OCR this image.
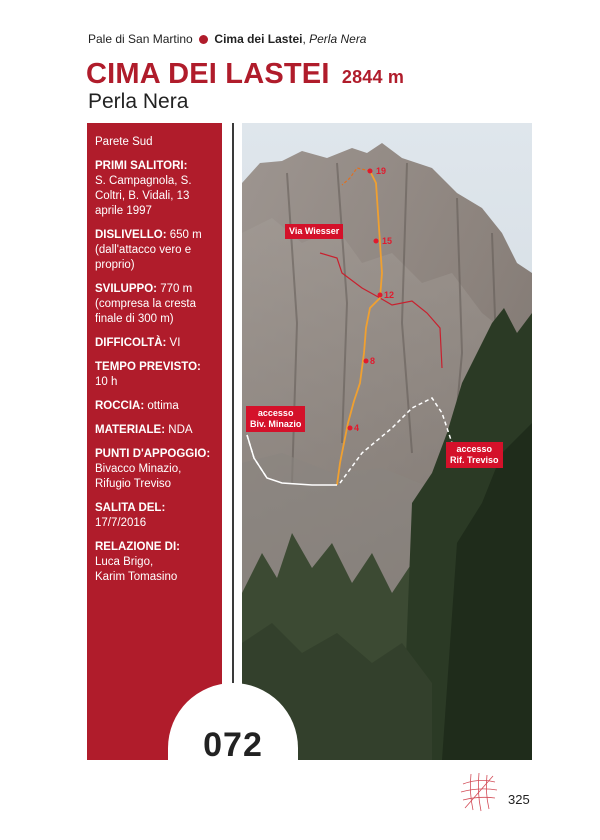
Pale di San Martino Cima dei Lastei, Perla Nera
CIMA DEI LASTEI 2844 m
Perla Nera
Parete Sud
PRIMI SALITORI:
S. Campagnola, S. Coltri, B. Vidali, 13 aprile 1997
DISLIVELLO: 650 m (dall'attacco vero e proprio)
SVILUPPO: 770 m (compresa la cresta finale di 300 m)
DIFFICOLTÀ: VI
TEMPO PREVISTO: 10 h
ROCCIA: ottima
MATERIALE: NDA
PUNTI D'APPOGGIO:
Bivacco Minazio, Rifugio Treviso
SALITA DEL: 17/7/2016
RELAZIONE DI:
Luca Brigo,
Karim Tomasino
19
15
12
8
4
Via Wiesser
accesso
Biv. Minazio
accesso
Rif. Treviso
072
325
